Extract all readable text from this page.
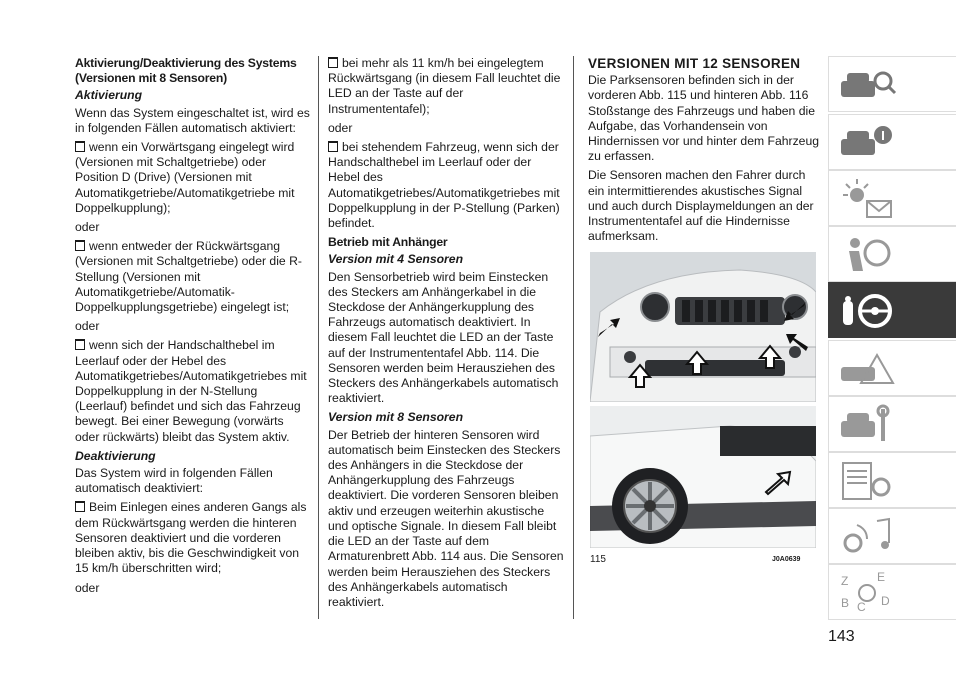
Aktivierung/Deaktivierung des Systems (Versionen mit 8 Sensoren)

Aktivierung

Wenn das System eingeschaltet ist, wird es in folgenden Fällen automatisch aktiviert:

wenn ein Vorwärtsgang eingelegt wird (Versionen mit Schaltgetriebe) oder Position D (Drive) (Versionen mit Automatikgetriebe/Automatikgetriebe mit Doppelkupplung);

oder

wenn entweder der Rückwärtsgang (Versionen mit Schaltgetriebe) oder die R-Stellung (Versionen mit Automatikgetriebe/Automatik-Doppelkupplungsgetriebe) eingelegt ist;

oder

wenn sich der Handschalthebel im Leerlauf oder der Hebel des Automatikgetriebes/Automatikgetriebes mit Doppelkupplung in der N-Stellung (Leerlauf) befindet und sich das Fahrzeug bewegt. Bei einer Bewegung (vorwärts oder rückwärts) bleibt das System aktiv.

Deaktivierung

Das System wird in folgenden Fällen automatisch deaktiviert:

Beim Einlegen eines anderen Gangs als dem Rückwärtsgang werden die hinteren Sensoren deaktiviert und die vorderen bleiben aktiv, bis die Geschwindigkeit von 15 km/h überschritten wird;

oder

bei mehr als 11 km/h bei eingelegtem Rückwärtsgang (in diesem Fall leuchtet die LED an der Taste auf der Instrumententafel);

oder

bei stehendem Fahrzeug, wenn sich der Handschalthebel im Leerlauf oder der Hebel des Automatikgetriebes/Automatikgetriebes mit Doppelkupplung in der P-Stellung (Parken) befindet.

Betrieb mit Anhänger

Version mit 4 Sensoren

Den Sensorbetrieb wird beim Einstecken des Steckers am Anhängerkabel in die Steckdose der Anhängerkupplung des Fahrzeugs automatisch deaktiviert. In diesem Fall leuchtet die LED an der Taste auf der Instrumententafel Abb. 114. Die Sensoren werden beim Herausziehen des Steckers des Anhängerkabels automatisch reaktiviert.

Version mit 8 Sensoren

Der Betrieb der hinteren Sensoren wird automatisch beim Einstecken des Steckers des Anhängers in die Steckdose der Anhängerkupplung des Fahrzeugs deaktiviert. Die vorderen Sensoren bleiben aktiv und erzeugen weiterhin akustische und optische Signale. In diesem Fall bleibt die LED an der Taste auf dem Armaturenbrett Abb. 114 aus. Die Sensoren werden beim Herausziehen des Steckers des Anhängerkabels automatisch reaktiviert.

VERSIONEN MIT 12 SENSOREN

Die Parksensoren befinden sich in der vorderen Abb. 115 und hinteren Abb. 116 Stoßstange des Fahrzeugs und haben die Aufgabe, das Vorhandensein von Hindernissen vor und hinter dem Fahrzeug zu erfassen.

Die Sensoren machen den Fahrer durch ein intermittierendes akustisches Signal und auch durch Displaymeldungen an der Instrumententafel auf die Hindernisse aufmerksam.

115	J0A0639
143
Z E
B C D
